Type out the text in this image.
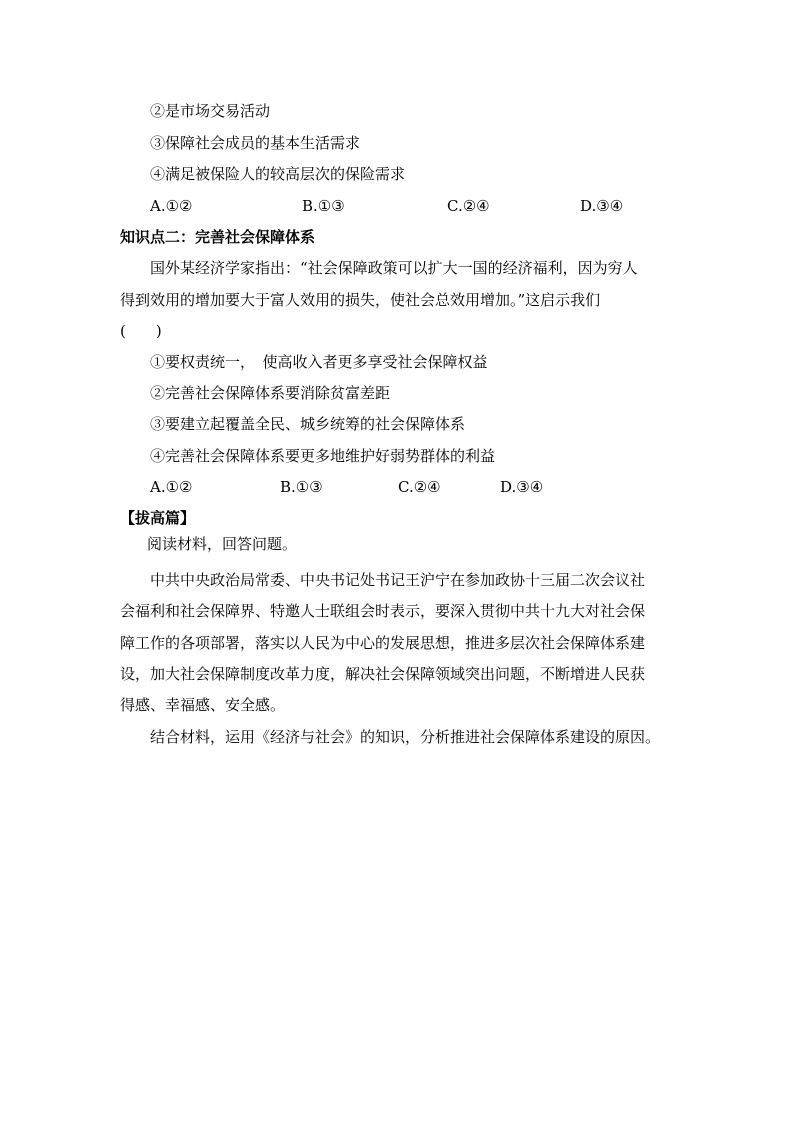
②是市场交易活动
③保障社会成员的基本生活需求
④满足被保险人的较高层次的保险需求
A.①②	B.①③	C.②④	D.③④
知识点二：完善社会保障体系
国外某经济学家指出：“社会保障政策可以扩大一国的经济福利，因为穷人
得到效用的增加要大于富人效用的损失，使社会总效用增加。”这启示我们
(　　)
①要权责统一，　使高收入者更多享受社会保障权益
②完善社会保障体系要消除贫富差距
③要建立起覆盖全民、城乡统筹的社会保障体系
④完善社会保障体系要更多地维护好弱势群体的利益
A.①②	B.①③	C.②④	D.③④
【拔高篇】
阅读材料，回答问题。
中共中央政治局常委、中央书记处书记王沪宁在参加政协十三届二次会议社
会福利和社会保障界、特邀人士联组会时表示，要深入贯彻中共十九大对社会保
障工作的各项部署，落实以人民为中心的发展思想，推进多层次社会保障体系建
设，加大社会保障制度改革力度，解决社会保障领域突出问题，不断增进人民获
得感、幸福感、安全感。
结合材料，运用《经济与社会》的知识，分析推进社会保障体系建设的原因。
